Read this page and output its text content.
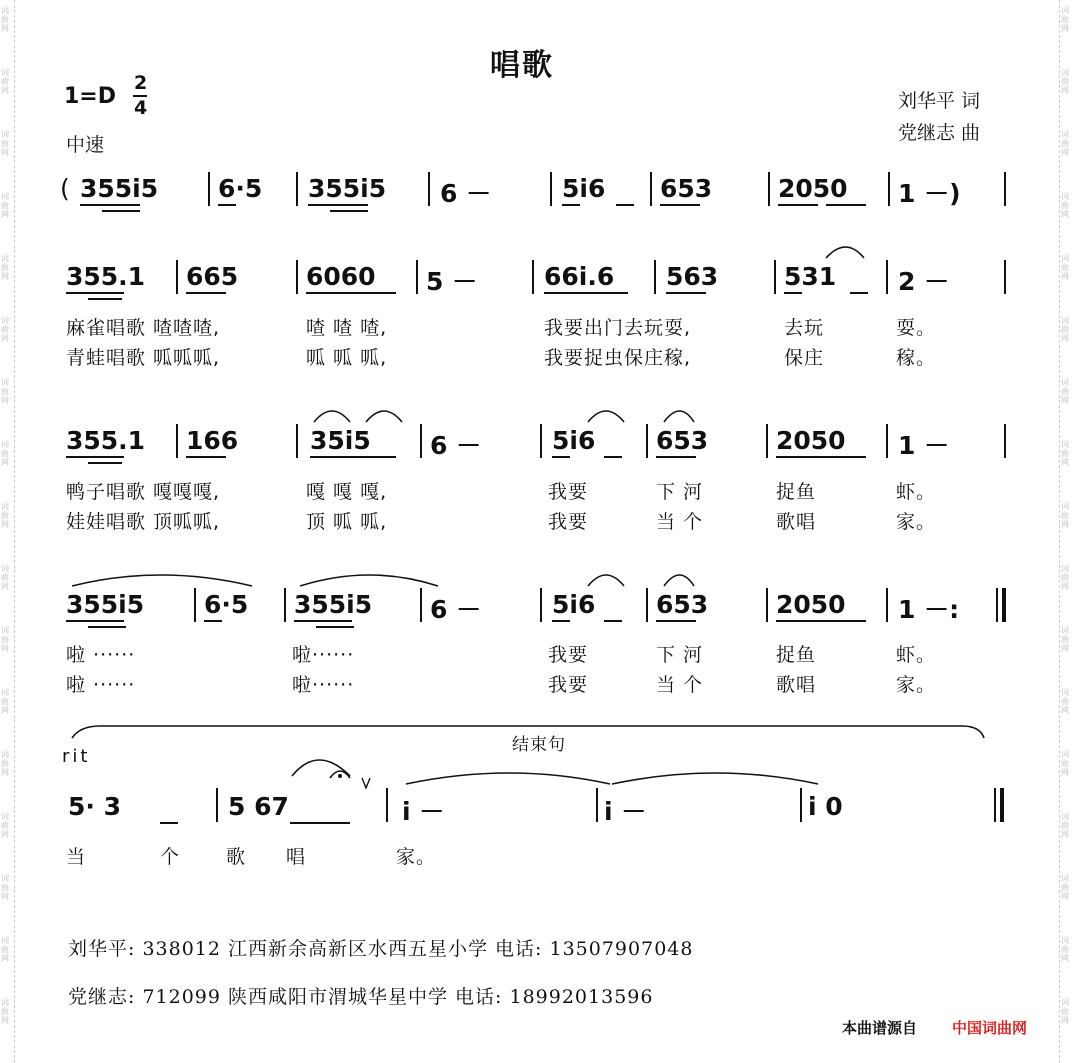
词
曲
网
词
曲
网
词
曲
网
词
曲
网
词
曲
网
词
曲
网
词
曲
网
词
曲
网
词
曲
网
词
曲
网
词
曲
网
词
曲
网
词
曲
网
词
曲
网
词
曲
网
词
曲
网
词
曲
网
词
曲
网
词
曲
网
词
曲
网
词
曲
网
词
曲
网
词
曲
网
词
曲
网
词
曲
网
词
曲
网
词
曲
网
词
曲
网
词
曲
网
词
曲
网
词
曲
网
词
曲
网
词
曲
网
词
曲
网
唱歌
1=D
2
4
中速
刘华平 词
党继志 曲
( 355i5 6·5 355i5 6 －	5i6 653	2050 1 －)
355.1 665	6060 5 －	66i.6 563	531 2 －
麻雀唱歌 喳喳喳,	喳 喳 喳,	我要出门去玩耍,	去玩	耍。
青蛙唱歌 呱呱呱,	呱 呱 呱,	我要捉虫保庄稼,	保庄	稼。
355.1 166	35i5 6 －	5i6 653	2050 1 －
鸭子唱歌 嘎嘎嘎,	嘎 嘎 嘎,	我要	下 河	捉鱼	虾。
娃娃唱歌 顶呱呱,	顶 呱 呱,	我要	当 个	歌唱	家。
355i5 6·5 355i5 6 －	5i6 653	2050 1 －:
啦 ······	啦······	我要	下 河	捉鱼	虾。
啦 ······	啦······	我要	当 个	歌唱	家。
结束句
rit
5· 3	5 67	i －	i －	i 0
当	个 歌 唱	家。
刘华平: 338012 江西新余高新区水西五星小学 电话: 13507907048
党继志: 712099 陕西咸阳市渭城华星中学 电话: 18992013596
本曲谱源自 中国词曲网
